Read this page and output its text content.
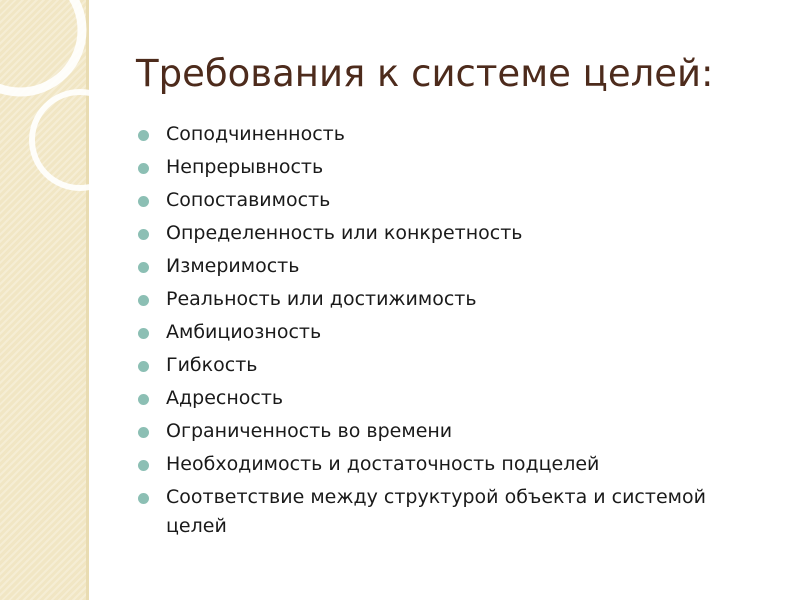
Требования к системе целей:
Соподчиненность
Непрерывность
Сопоставимость
Определенность или конкретность
Измеримость
Реальность или достижимость
Амбициозность
Гибкость
Адресность
Ограниченность во времени
Необходимость и достаточность подцелей
Соответствие между структурой объекта и системой целей
